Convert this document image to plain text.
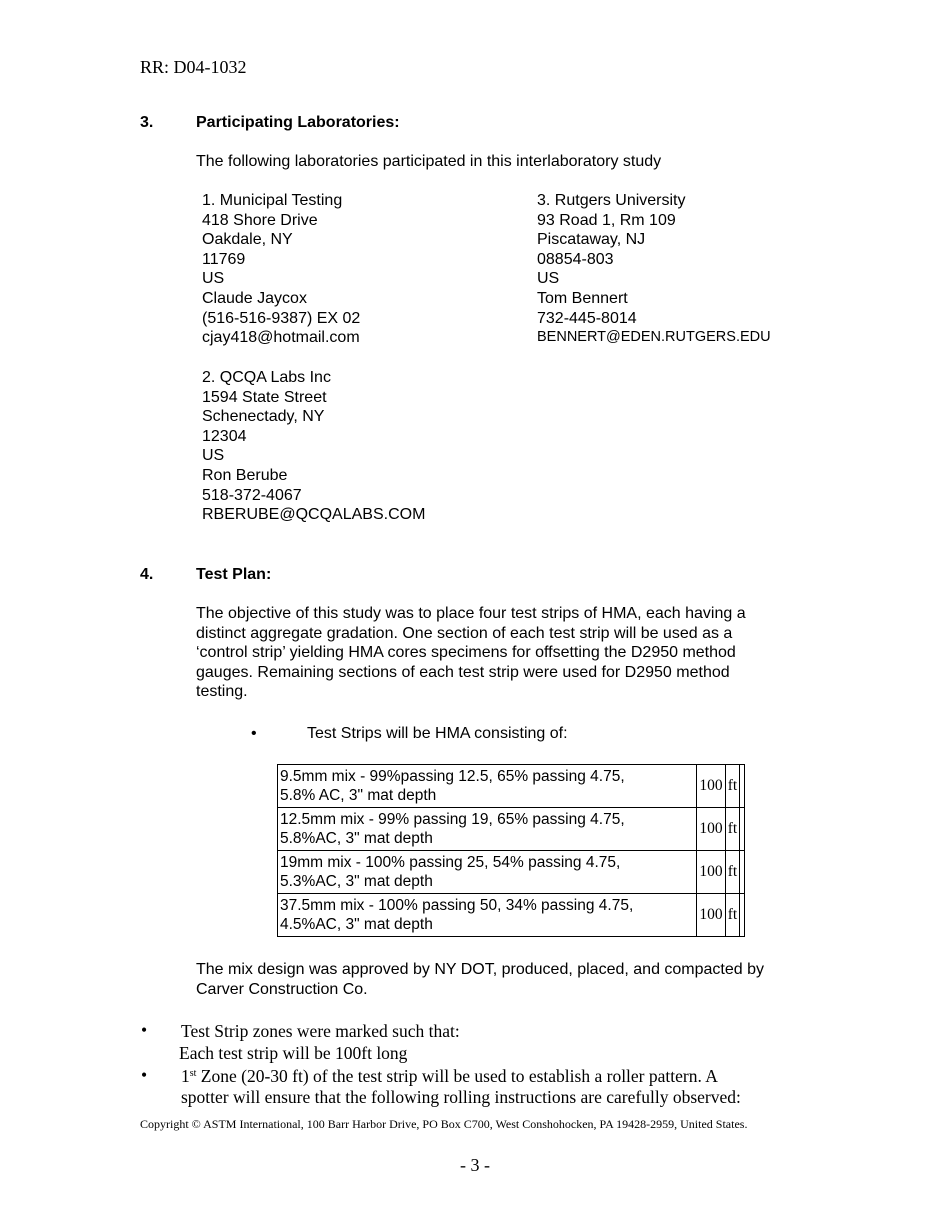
RR: D04-1032
3.	Participating Laboratories:
The following laboratories participated in this interlaboratory study
1. Municipal Testing
418 Shore Drive
Oakdale, NY
11769
US
Claude Jaycox
(516-516-9387) EX 02
cjay418@hotmail.com
2. QCQA Labs Inc
1594 State Street
Schenectady, NY
12304
US
Ron Berube
518-372-4067
RBERUBE@QCQALABS.COM
3. Rutgers University
93 Road 1, Rm 109
Piscataway, NJ
08854-803
US
Tom Bennert
732-445-8014
BENNERT@EDEN.RUTGERS.EDU
4.	Test Plan:
The objective of this study was to place four test strips of HMA, each having a
distinct aggregate gradation. One section of each test strip will be used as a
‘control strip’ yielding HMA cores specimens for offsetting the D2950 method
gauges. Remaining sections of each test strip were used for D2950 method
testing.
•	Test Strips will be HMA consisting of:
9.5mm mix - 99%passing 12.5, 65% passing 4.75,
5.8% AC, 3" mat depth	100	ft	

12.5mm mix - 99% passing 19, 65% passing 4.75,
5.8%AC, 3" mat depth	100	ft	

19mm mix - 100% passing 25, 54% passing 4.75,
5.3%AC, 3" mat depth	100	ft	

37.5mm mix - 100% passing 50, 34% passing 4.75,
4.5%AC, 3" mat depth	100	ft	
The mix design was approved by NY DOT, produced, placed, and compacted by
Carver Construction Co.
• Test Strip zones were marked such that:
Each test strip will be 100ft long
• 1st Zone (20-30 ft) of the test strip will be used to establish a roller pattern. A
spotter will ensure that the following rolling instructions are carefully observed:
Copyright © ASTM International, 100 Barr Harbor Drive, PO Box C700, West Conshohocken, PA 19428-2959, United States.
- 3 -
